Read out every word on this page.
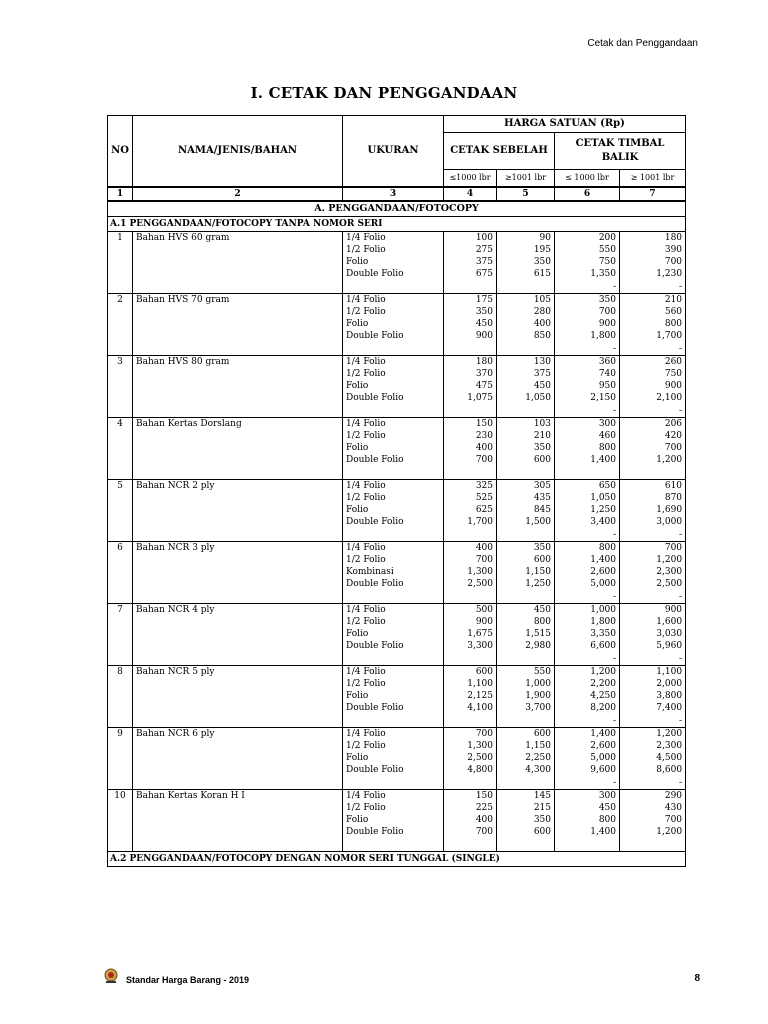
Cetak dan Penggandaan
I. CETAK DAN PENGGANDAAN
NO	NAMA/JENIS/BAHAN	UKURAN	HARGA SATUAN (Rp)			
			CETAK SEBELAH		CETAK TIMBAL BALIK	
			≤1000 lbr	≥1001 lbr	≤ 1000 lbr	≥ 1001 lbr
1	2	3	4	5	6	7
A. PENGGANDAAN/FOTOCOPY						
A.1 PENGGANDAAN/FOTOCOPY TANPA NOMOR SERI						
1	Bahan HVS 60 gram	1/4 Folio	100	90	200	180
		1/2 Folio	275	195	550	390
		Folio	375	350	750	700
		Double Folio	675	615	1,350	1,230
					-	-
2	Bahan HVS 70 gram	1/4 Folio	175	105	350	210
		1/2 Folio	350	280	700	560
		Folio	450	400	900	800
		Double Folio	900	850	1,800	1,700
					-	-
3	Bahan HVS 80 gram	1/4 Folio	180	130	360	260
		1/2 Folio	370	375	740	750
		Folio	475	450	950	900
		Double Folio	1,075	1,050	2,150	2,100
					-	-
4	Bahan Kertas Dorslang	1/4 Folio	150	103	300	206
		1/2 Folio	230	210	460	420
		Folio	400	350	800	700
		Double Folio	700	600	1,400	1,200

5	Bahan NCR 2 ply	1/4 Folio	325	305	650	610
		1/2 Folio	525	435	1,050	870
		Folio	625	845	1,250	1,690
		Double Folio	1,700	1,500	3,400	3,000
					-	-
6	Bahan NCR 3 ply	1/4 Folio	400	350	800	700
		1/2 Folio	700	600	1,400	1,200
		Kombinasi	1,300	1,150	2,600	2,300
		Double Folio	2,500	1,250	5,000	2,500
					-	-
7	Bahan NCR 4 ply	1/4 Folio	500	450	1,000	900
		1/2 Folio	900	800	1,800	1,600
		Folio	1,675	1,515	3,350	3,030
		Double Folio	3,300	2,980	6,600	5,960
					-	-
8	Bahan NCR 5 ply	1/4 Folio	600	550	1,200	1,100
		1/2 Folio	1,100	1,000	2,200	2,000
		Folio	2,125	1,900	4,250	3,800
		Double Folio	4,100	3,700	8,200	7,400
					-	-
9	Bahan NCR 6 ply	1/4 Folio	700	600	1,400	1,200
		1/2 Folio	1,300	1,150	2,600	2,300
		Folio	2,500	2,250	5,000	4,500
		Double Folio	4,800	4,300	9,600	8,600
					-	-
10	Bahan Kertas Koran H I	1/4 Folio	150	145	300	290
		1/2 Folio	225	215	450	430
		Folio	400	350	800	700
		Double Folio	700	600	1,400	1,200

A.2 PENGGANDAAN/FOTOCOPY DENGAN NOMOR SERI TUNGGAL (SINGLE)						
Standar Harga Barang - 2019	8
